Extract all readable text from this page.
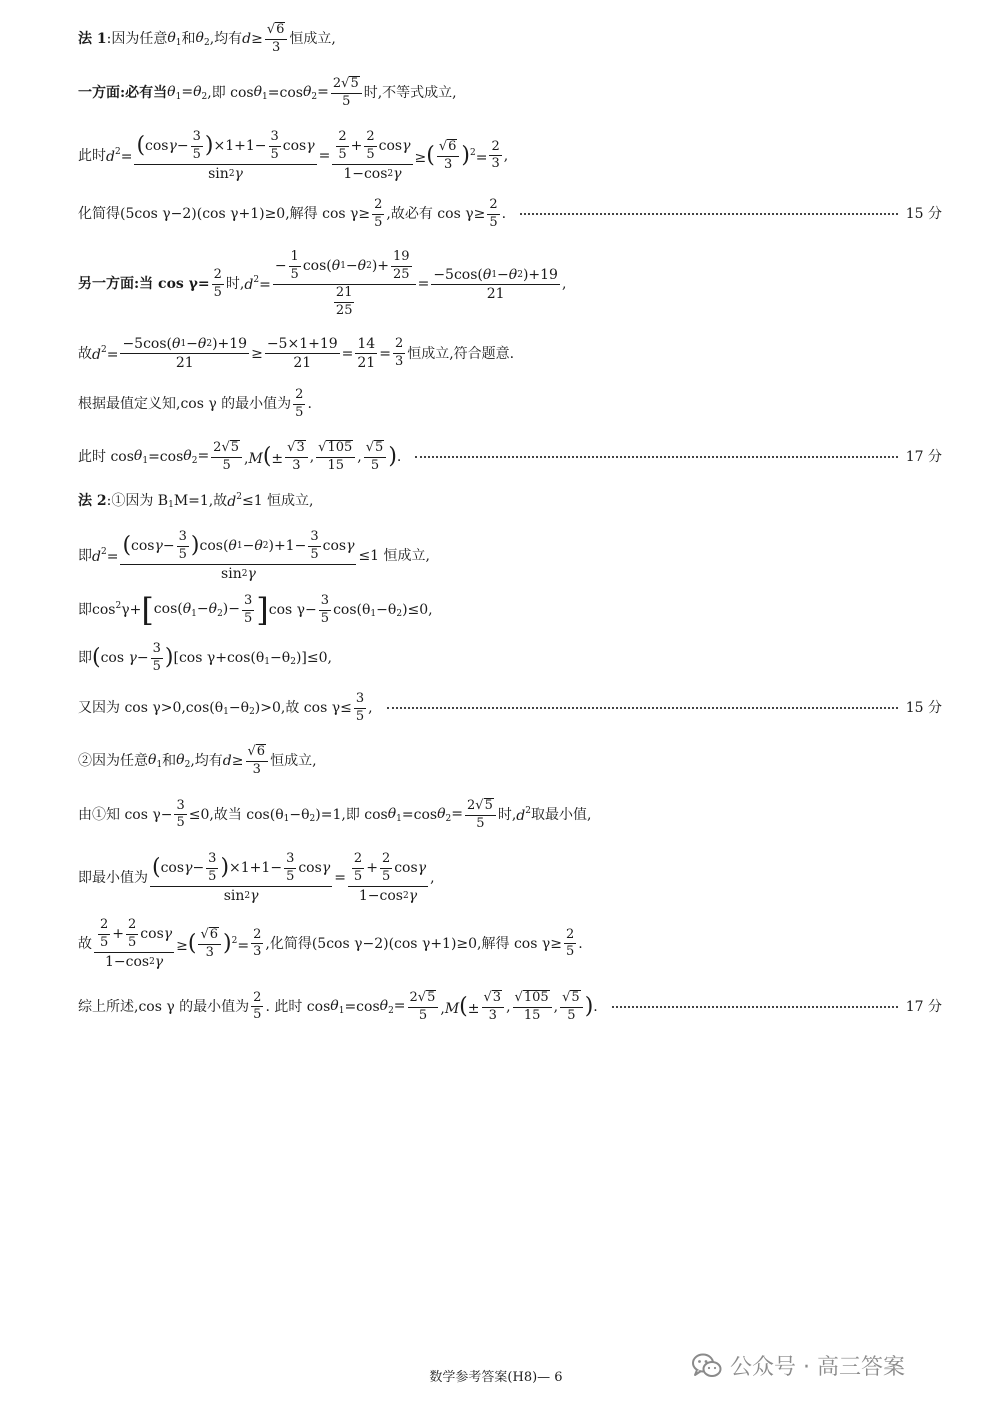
法 1 :因为任意 $\theta_1$ 和 $\theta_2$ ,均有 $d\ge \frac{√ 6}{3}$ 恒成立,
一方面:必有当 $\theta_1=\theta_2$ ,即 $\cos \theta_1 =\cos$ $\theta_2= \frac{2√ 5}{5}$ 时,不等式成立,
此时 $d^2=$ ( cos γ −
3
5 ) ×1+1−
3
5
cos γ
sin 2 γ = 2
5
+
2
5
cos γ
1−cos 2 γ ≥( √ 6
3 )$^2= \frac{2}{3}$ ,
化简得(5cos γ−2)(cos γ+1)≥0,解得 $\cos \gamma\ge \frac{2}{5}$ ,故必有 $\cos \gamma\ge \frac{2}{5}$ .	15 分
另一方面:当 $\cos \gamma= \frac{2}{5}$ 时, $d^2=$ −
1
5
cos( θ 1 − θ 2 )+
19
25
21
$25 = \frac{-5\cos( \theta 1 - \theta 2 )+19}{21}$ ,
故 $d^2= \frac{-5\cos( \theta 1 - \theta 2 )+19}{21} \ge \frac{-5\times 1+19}{21} = \frac{14}{21} = \frac{2}{3}$ 恒成立,符合题意.
根据最值定义知,cos γ 的最小值为
2
5
.
此时 $\cos \theta_1 =\cos$ $\theta_2= \frac{2√ 5}{5} ,M(\pm \frac{√ 3}{3}$ ,
√ 105
15
,
√ 5
5 ) .	17 分
法 2 :①因为 B $_1$ M=1,故 $d^2 \le 1$ 恒成立,
即 $d^2=$ ( cos γ −
3
5 ) cos( θ 1 − θ 2 )+1−
3
5
cos γ
sin 2 γ ≤1 恒成立,
即cos $^2$ γ+ [ $\cos(\theta_1-\theta_2)- \frac{3}{5}$ ] $\cos \gamma- \frac{3}{5} \cos(\theta$ $_1$ −θ $_2$ )≤0,
即 ( $\cos \gamma- \frac{3}{5}$ ) [cos γ+cos(θ $_1$ −θ $_2$ )]≤0,
又因为 cos γ>0,cos(θ $_1$ −θ $_2$ )>0,故 $\cos \gamma\le \frac{3}{5}$ ,	15 分
②因为任意 $\theta_1$ 和 $\theta_2$ ,均有 $d\ge \frac{√ 6}{3}$ 恒成立,
由①知 $\cos \gamma- \frac{3}{5} \le 0$,故当 cos(θ $_1$ −θ $_2$ )=1,即 $\cos \theta_1 =\cos$ $\theta_2= \frac{2√ 5}{5}$ 时, $d^2$ 取最小值,
即最小值为 ( cos γ −
3
5 ) ×1+1−
3
5
cos γ
sin 2 γ = 2
5
+
2
5
cos γ
1−cos 2 γ ,
故 2
5
+
2
5
cos γ
1−cos 2 γ ≥( √ 6
3 )$^2= \frac{2}{3}$ ,化简得(5cos γ−2)(cos γ+1)≥0,解得 $\cos \gamma\ge \frac{2}{5}$ .
综上所述,cos γ 的最小值为
2
5
. 此时 $\cos \theta_1 =\cos$ $\theta_2= \frac{2√ 5}{5} ,M(\pm \frac{√ 3}{3}$ ,
√ 105
15
,
√ 5
5 ) .	17 分
数学参考答案(H8)— 6	公众号 · 高三答案
